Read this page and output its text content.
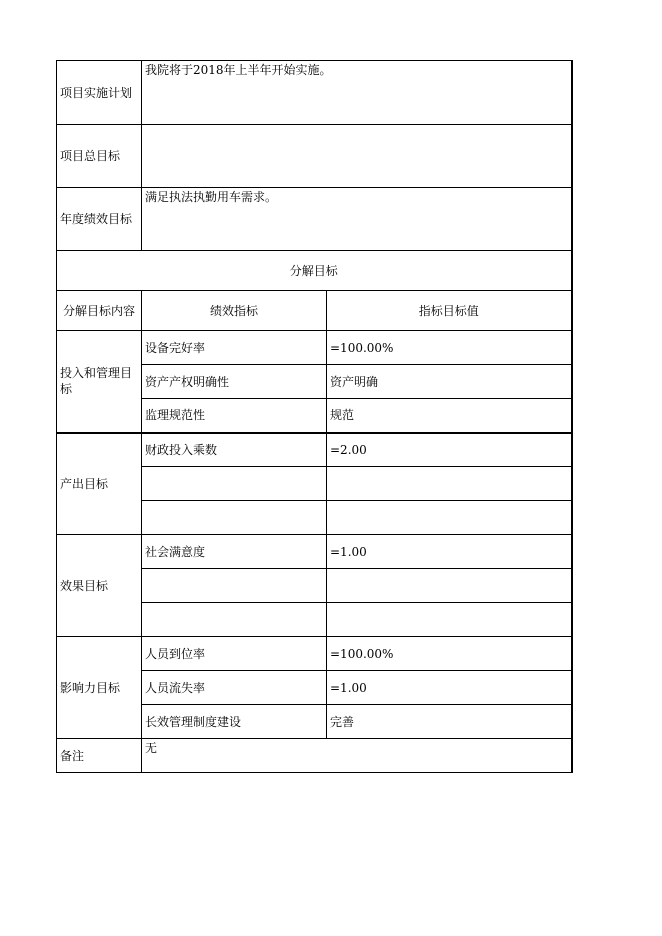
项目实施计划	我院将于2018年上半年开始实施。	
项目总目标		
年度绩效目标	满足执法执勤用车需求。	
分解目标		
分解目标内容	绩效指标	指标目标值
投入和管理目标	设备完好率	=100.00%
	资产产权明确性	资产明确
	监理规范性	规范
产出目标	财政投入乘数	=2.00

效果目标	社会满意度	=1.00

影响力目标	人员到位率	=100.00%
	人员流失率	=1.00
	长效管理制度建设	完善
备注	无	
